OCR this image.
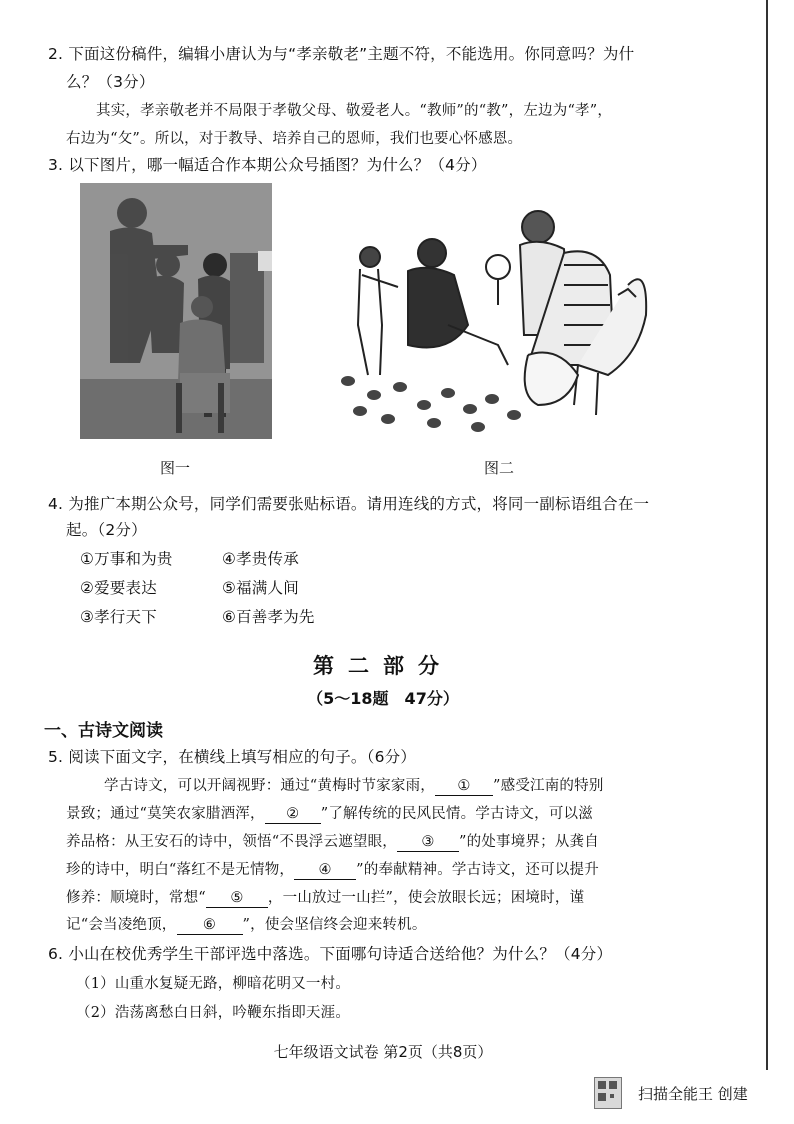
2. 下面这份稿件，编辑小唐认为与“孝亲敬老”主题不符，不能选用。你同意吗？为什
么？（3分）
其实，孝亲敬老并不局限于孝敬父母、敬爱老人。“教师”的“教”，左边为“孝”，
右边为“攵”。所以，对于教导、培养自己的恩师，我们也要心怀感恩。
3. 以下图片，哪一幅适合作本期公众号插图？为什么？（4分）
图一	图二
4. 为推广本期公众号，同学们需要张贴标语。请用连线的方式，将同一副标语组合在一
起。（2分）
①万事和为贵
②爱要表达
③孝行天下
④孝贵传承
⑤福满人间
⑥百善孝为先
第二部分
（5～18题　47分）
一、古诗文阅读
5. 阅读下面文字，在横线上填写相应的句子。（6分）
学古诗文，可以开阔视野：通过“黄梅时节家家雨， ① ”感受江南的特别
景致；通过“莫笑农家腊酒浑， ② ”了解传统的民风民情。学古诗文，可以滋
养品格：从王安石的诗中，领悟“不畏浮云遮望眼， ③ ”的处事境界；从龚自
珍的诗中，明白“落红不是无情物， ④ ”的奉献精神。学古诗文，还可以提升
修养：顺境时，常想“ ⑤ ，一山放过一山拦”，使会放眼长远；困境时，谨
记“会当凌绝顶， ⑥ ”，使会坚信终会迎来转机。
6. 小山在校优秀学生干部评选中落选。下面哪句诗适合送给他？为什么？（4分）
（1）山重水复疑无路，柳暗花明又一村。
（2）浩荡离愁白日斜，吟鞭东指即天涯。
七年级语文试卷 第2页（共8页）
扫描全能王 创建
